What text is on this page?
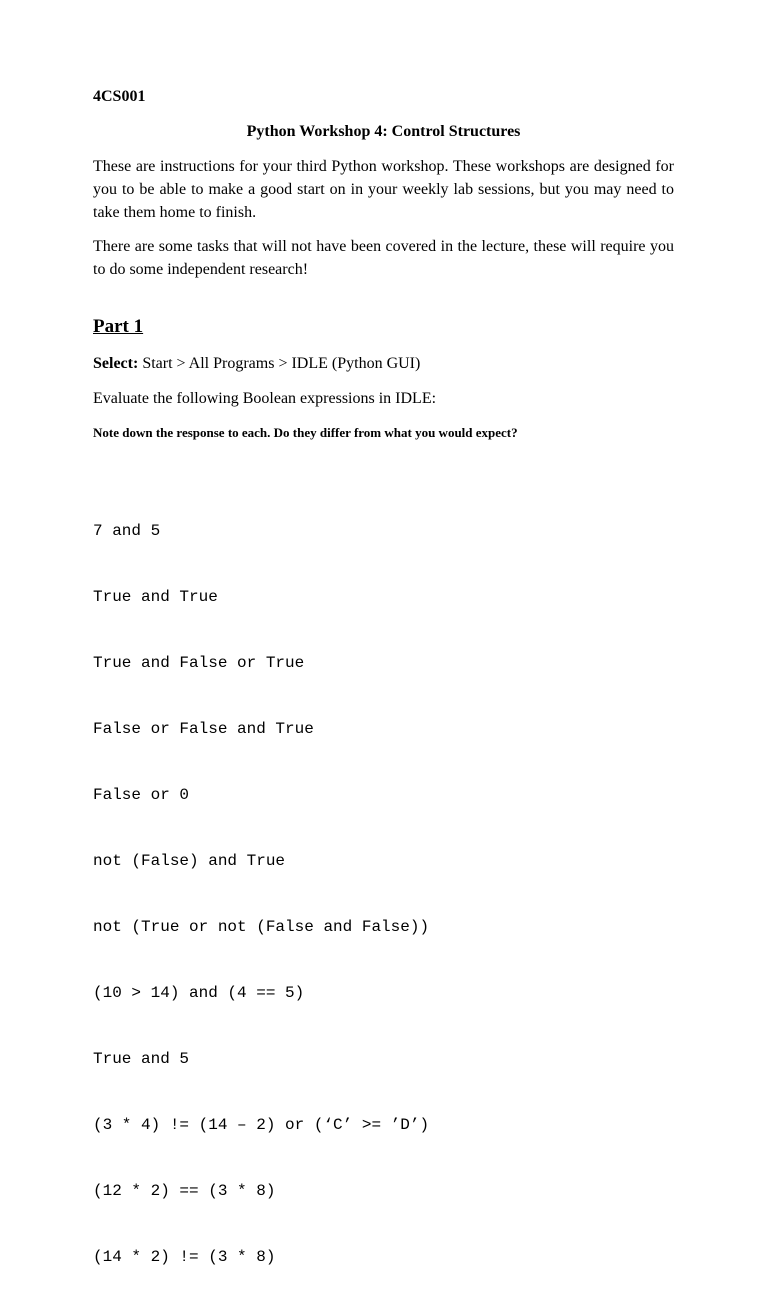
4CS001

Python Workshop 4: Control Structures

These are instructions for your third Python workshop. These workshops are designed for you to be able to make a good start on in your weekly lab sessions, but you may need to take them home to finish.

There are some tasks that will not have been covered in the lecture, these will require you to do some independent research!

Part 1

Select: Start > All Programs > IDLE (Python GUI)

Evaluate the following Boolean expressions in IDLE:

Note down the response to each. Do they differ from what you would expect?

7 and 5

True and True

True and False or True

False or False and True

False or 0

not (False) and True

not (True or not (False and False))

(10 > 14) and (4 == 5)

True and 5

(3 * 4) != (14 – 2) or (‘C’ >= ’D’)

(12 * 2) == (3 * 8)

(14 * 2) != (3 * 8)
